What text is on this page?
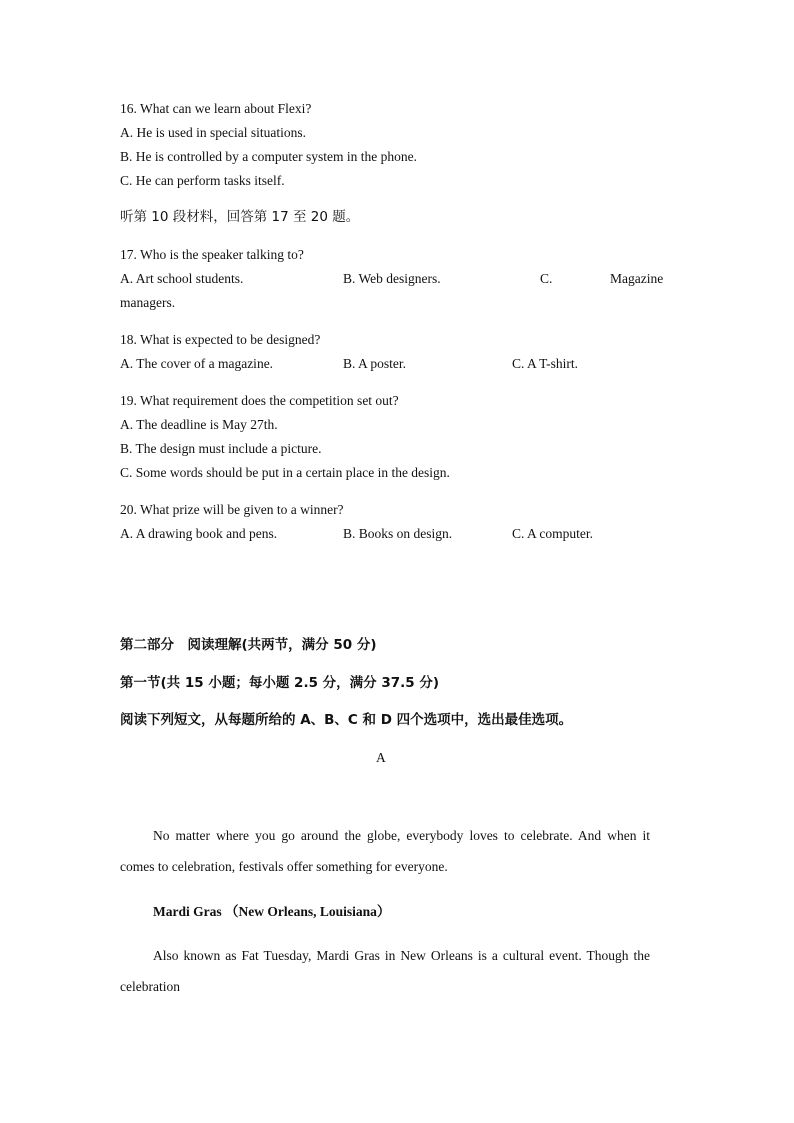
16. What can we learn about Flexi?
A. He is used in special situations.
B. He is controlled by a computer system in the phone.
C. He can perform tasks itself.
听第 10 段材料，回答第 17 至 20 题。
17. Who is the speaker talking to?
A. Art school students.	B. Web designers.	C.	Magazine
managers.
18. What is expected to be designed?
A. The cover of a magazine.	B. A poster.	C. A T-shirt.
19. What requirement does the competition set out?
A. The deadline is May 27th.
B. The design must include a picture.
C. Some words should be put in a certain place in the design.
20. What prize will be given to a winner?
A. A drawing book and pens.	B. Books on design.	C. A computer.
第二部分　阅读理解(共两节，满分 50 分)
第一节(共 15 小题；每小题 2.5 分，满分 37.5 分)
阅读下列短文，从每题所给的 A、B、C 和 D 四个选项中，选出最佳选项。
A
No matter where you go around the globe, everybody loves to celebrate. And when it comes to celebration, festivals offer something for everyone.
Mardi Gras （New Orleans, Louisiana）
Also known as Fat Tuesday, Mardi Gras in New Orleans is a cultural event. Though the celebration
